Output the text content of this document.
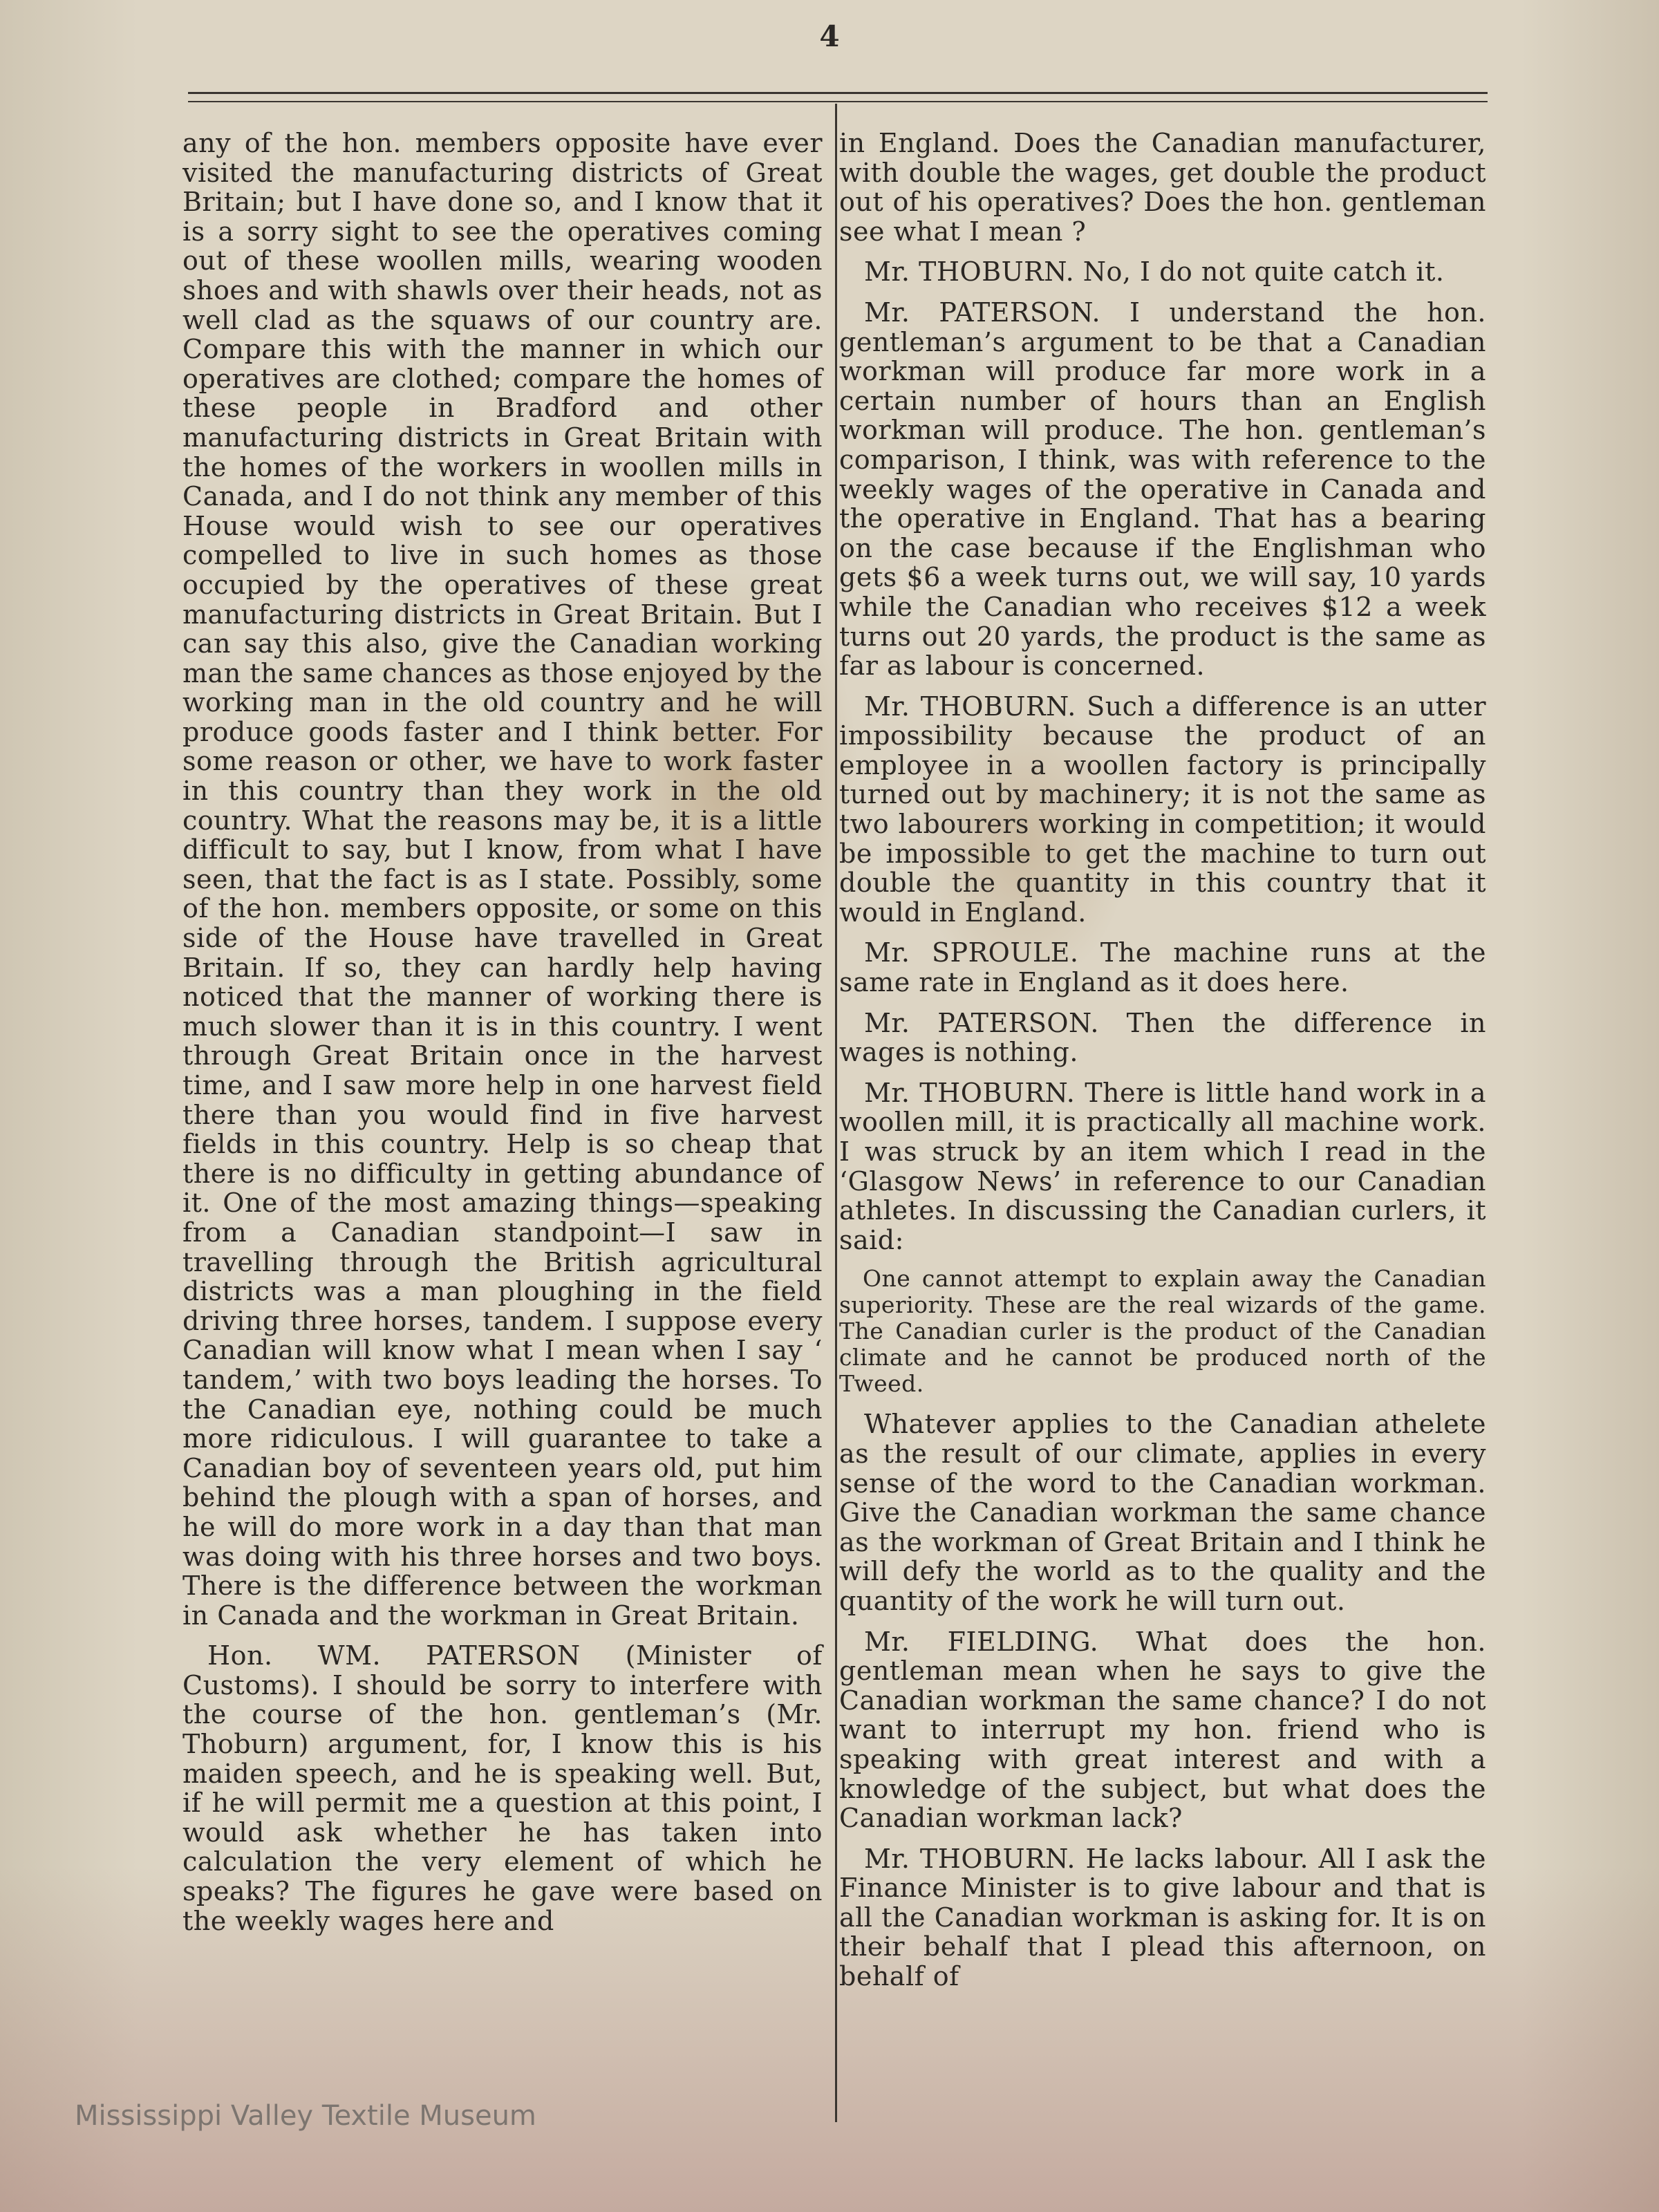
4

any of the hon. members opposite have ever visited the manufacturing districts of Great Britain; but I have done so, and I know that it is a sorry sight to see the operatives coming out of these woollen mills, wearing wooden shoes and with shawls over their heads, not as well clad as the squaws of our country are. Compare this with the manner in which our operatives are clothed; compare the homes of these people in Bradford and other manufacturing districts in Great Britain with the homes of the workers in woollen mills in Canada, and I do not think any member of this House would wish to see our operatives compelled to live in such homes as those occupied by the operatives of these great manufacturing districts in Great Britain. But I can say this also, give the Canadian working man the same chances as those enjoyed by the working man in the old country and he will produce goods faster and I think better. For some reason or other, we have to work faster in this country than they work in the old country. What the reasons may be, it is a little difficult to say, but I know, from what I have seen, that the fact is as I state. Possibly, some of the hon. members opposite, or some on this side of the House have travelled in Great Britain. If so, they can hardly help having noticed that the manner of working there is much slower than it is in this country. I went through Great Britain once in the harvest time, and I saw more help in one harvest field there than you would find in five harvest fields in this country. Help is so cheap that there is no difficulty in getting abundance of it. One of the most amazing things—speaking from a Canadian standpoint—I saw in travelling through the British agricultural districts was a man ploughing in the field driving three horses, tandem. I suppose every Canadian will know what I mean when I say ‘ tandem,’ with two boys leading the horses. To the Canadian eye, nothing could be much more ridiculous. I will guarantee to take a Canadian boy of seventeen years old, put him behind the plough with a span of horses, and he will do more work in a day than that man was doing with his three horses and two boys. There is the difference between the workman in Canada and the workman in Great Britain.

Hon. WM. PATERSON (Minister of Customs). I should be sorry to interfere with the course of the hon. gentleman’s (Mr. Thoburn) argument, for, I know this is his maiden speech, and he is speaking well. But, if he will permit me a question at this point, I would ask whether he has taken into calculation the very element of which he speaks? The figures he gave were based on the weekly wages here and

in England. Does the Canadian manufacturer, with double the wages, get double the product out of his operatives? Does the hon. gentleman see what I mean ?

Mr. THOBURN. No, I do not quite catch it.

Mr. PATERSON. I understand the hon. gentleman’s argument to be that a Canadian workman will produce far more work in a certain number of hours than an English workman will produce. The hon. gentleman’s comparison, I think, was with reference to the weekly wages of the operative in Canada and the operative in England. That has a bearing on the case because if the Englishman who gets $6 a week turns out, we will say, 10 yards while the Canadian who receives $12 a week turns out 20 yards, the product is the same as far as labour is concerned.

Mr. THOBURN. Such a difference is an utter impossibility because the product of an employee in a woollen factory is principally turned out by machinery; it is not the same as two labourers working in competition; it would be impossible to get the machine to turn out double the quantity in this country that it would in England.

Mr. SPROULE. The machine runs at the same rate in England as it does here.

Mr. PATERSON. Then the difference in wages is nothing.

Mr. THOBURN. There is little hand work in a woollen mill, it is practically all machine work. I was struck by an item which I read in the ‘Glasgow News’ in reference to our Canadian athletes. In discussing the Canadian curlers, it said:

One cannot attempt to explain away the Canadian superiority. These are the real wizards of the game. The Canadian curler is the product of the Canadian climate and he cannot be produced north of the Tweed.

Whatever applies to the Canadian athelete as the result of our climate, applies in every sense of the word to the Canadian workman. Give the Canadian workman the same chance as the workman of Great Britain and I think he will defy the world as to the quality and the quantity of the work he will turn out.

Mr. FIELDING. What does the hon. gentleman mean when he says to give the Canadian workman the same chance? I do not want to interrupt my hon. friend who is speaking with great interest and with a knowledge of the subject, but what does the Canadian workman lack?

Mr. THOBURN. He lacks labour. All I ask the Finance Minister is to give labour and that is all the Canadian workman is asking for. It is on their behalf that I plead this afternoon, on behalf of

Mississippi Valley Textile Museum
